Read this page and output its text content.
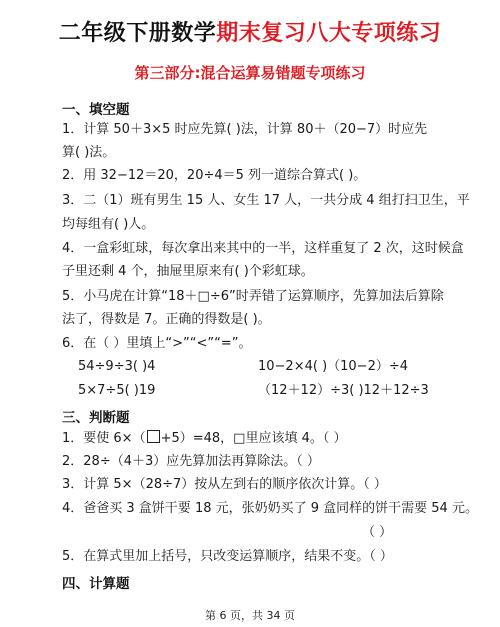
二年级下册数学期末复习八大专项练习
第三部分:混合运算易错题专项练习
一、填空题
1．计算 50＋3×5 时应先算( )法，计算 80＋（20−7）时应先
算( )法。
2．用 32−12＝20，20÷4＝5 列一道综合算式( )。
3．二（1）班有男生 15 人、女生 17 人，一共分成 4 组打扫卫生，平
均每组有( )人。
4．一盒彩虹球，每次拿出来其中的一半，这样重复了 2 次，这时候盒
子里还剩 4 个，抽屉里原来有( )个彩虹球。
5．小马虎在计算“18＋□÷6”时弄错了运算顺序，先算加法后算除
法了，得数是 7。正确的得数是( )。
6．在（ ）里填上“>”“<”“=”。
54÷9÷3( )4	10−2×4( )（10−2）÷4
5×7÷5( )19	（12＋12）÷3( )12＋12÷3
三、判断题
1．要使 6×（ +5）=48，□里应该填 4。（ ）
2．28÷（4＋3）应先算加法再算除法。（ ）
3．计算 5×（28÷7）按从左到右的顺序依次计算。（ ）
4．爸爸买 3 盒饼干要 18 元，张奶奶买了 9 盒同样的饼干需要 54 元。
（ ）
5．在算式里加上括号，只改变运算顺序，结果不变。（ ）
四、计算题
第 6 页，共 34 页
